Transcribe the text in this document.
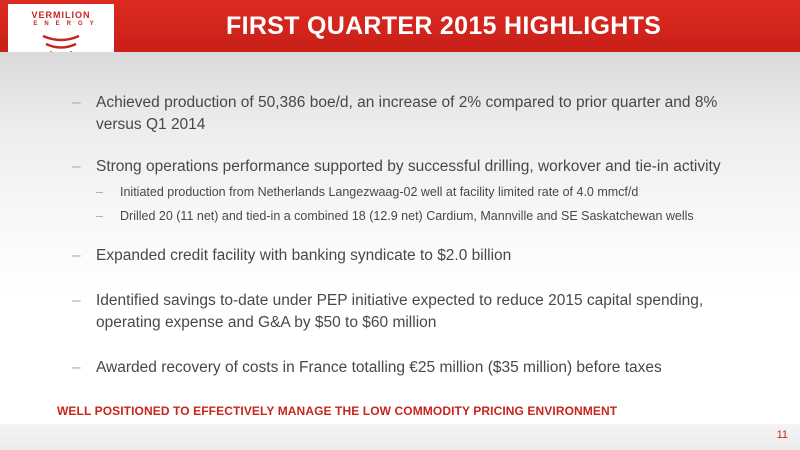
VERMILION
ENERGY	FIRST QUARTER 2015 HIGHLIGHTS
– Achieved production of 50,386 boe/d, an increase of 2% compared to prior quarter and 8%
versus Q1 2014
– Strong operations performance supported by successful drilling, workover and tie-in activity
– Initiated production from Netherlands Langezwaag-02 well at facility limited rate of 4.0 mmcf/d
– Drilled 20 (11 net) and tied-in a combined 18 (12.9 net) Cardium, Mannville and SE Saskatchewan wells
– Expanded credit facility with banking syndicate to $2.0 billion
– Identified savings to-date under PEP initiative expected to reduce 2015 capital spending,
operating expense and G&A by $50 to $60 million
– Awarded recovery of costs in France totalling €25 million ($35 million) before taxes
WELL POSITIONED TO EFFECTIVELY MANAGE THE LOW COMMODITY PRICING ENVIRONMENT
11
